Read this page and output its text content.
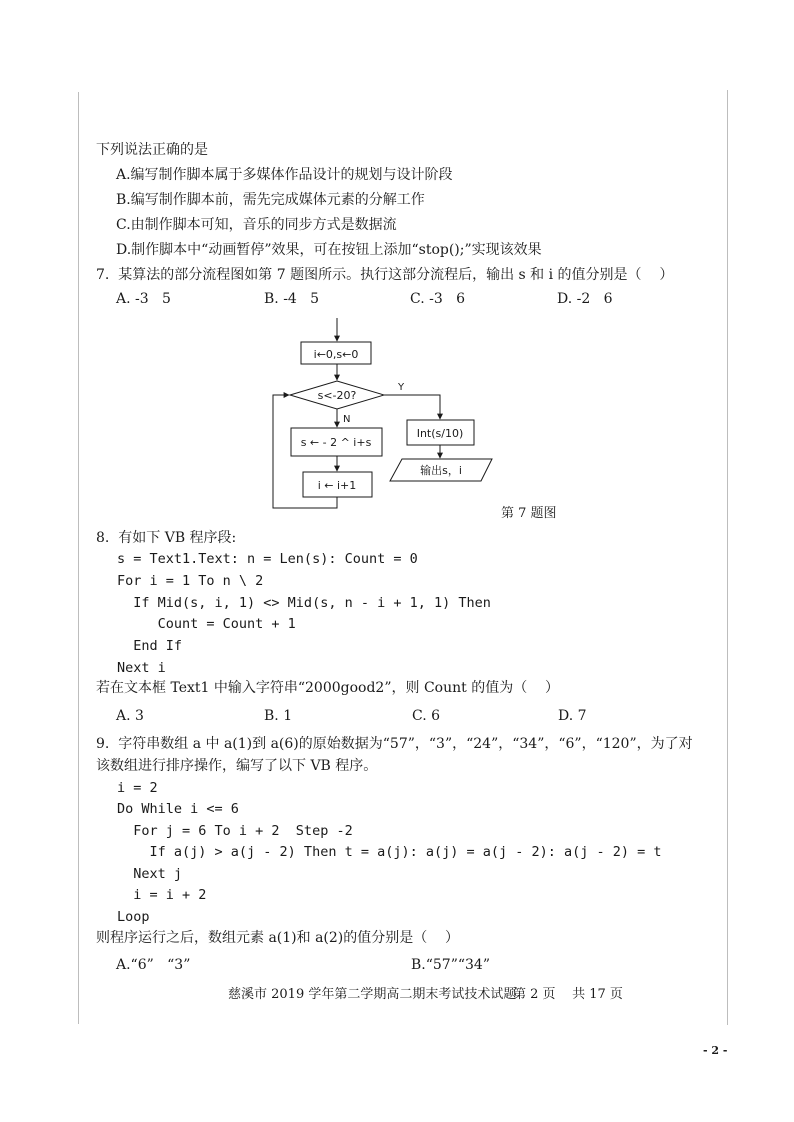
下列说法正确的是
A.编写制作脚本属于多媒体作品设计的规划与设计阶段
B.编写制作脚本前，需先完成媒体元素的分解工作
C.由制作脚本可知，音乐的同步方式是数据流
D.制作脚本中“动画暂停”效果，可在按钮上添加“stop();”实现该效果
7.  某算法的部分流程图如第 7 题图所示。执行这部分流程后，输出 s 和 i 的值分别是（    ）
A. -3   5	B. -4   5	C. -3   6	D. -2   6
i←0,s←0
s<-20?
Y
N
s ← - 2 ^ i+s
i ← i+1
Int(s/10)
输出s，i
第 7 题图
8.  有如下 VB 程序段:
s = Text1.Text: n = Len(s): Count = 0
For i = 1 To n \ 2
If Mid(s, i, 1) <> Mid(s, n - i + 1, 1) Then
Count = Count + 1
End If
Next i
若在文本框 Text1 中输入字符串“2000good2”，则 Count 的值为（    ）
A. 3	B. 1	C. 6	D. 7
9.  字符串数组 a 中 a(1)到 a(6)的原始数据为“57”，“3”，“24”，“34”，“6”，“120”，为了对
该数组进行排序操作，编写了以下 VB 程序。
i = 2
Do While i <= 6
For j = 6 To i + 2  Step -2
If a(j) > a(j - 2) Then t = a(j): a(j) = a(j - 2): a(j - 2) = t
Next j
i = i + 2
Loop
则程序运行之后，数组元素 a(1)和 a(2)的值分别是（    ）
A.“6”   “3”	B.“57”“34”
慈溪市 2019 学年第二学期高二期末考试技术试题
第 2 页    共 17 页
- 2 -
